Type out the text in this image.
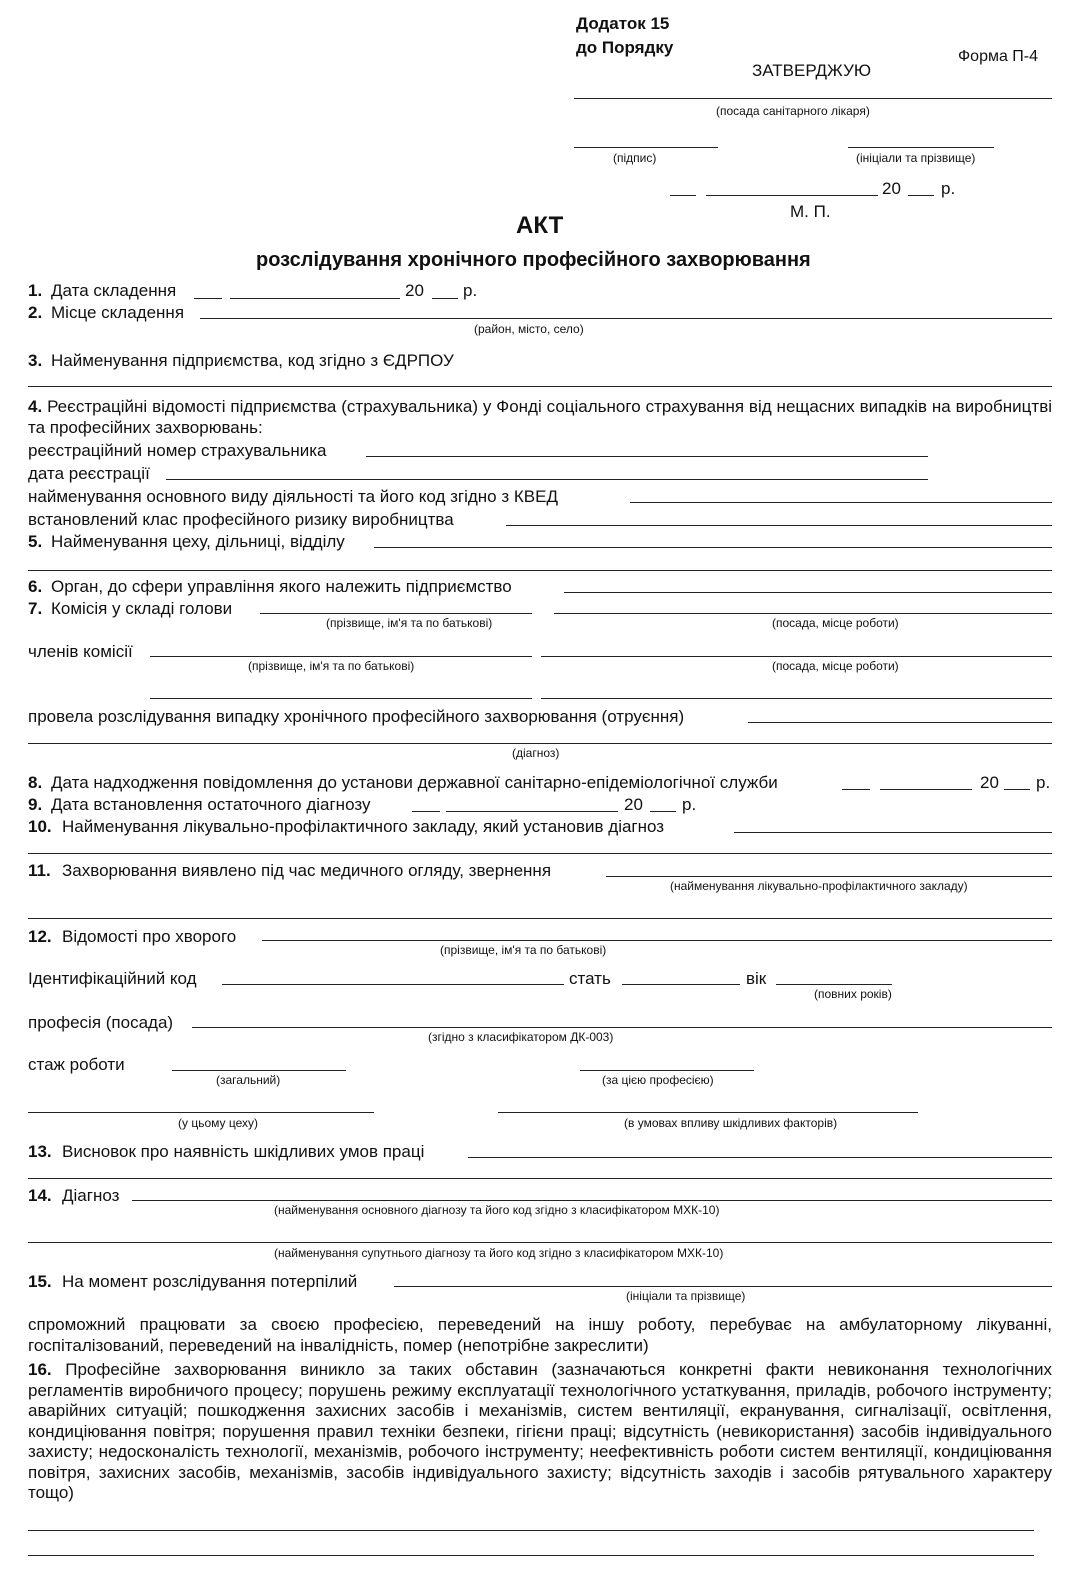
Додаток 15
до Порядку	Форма П-4
ЗАТВЕРДЖУЮ
(посада санітарного лікаря)
(підпис)	(ініціали та прізвище)
20 р.
М. П.
АКТ
розслідування хронічного професійного захворювання
1. Дата складення	20 р.
2. Місце складення
(район, місто, село)
3. Найменування підприємства, код згідно з ЄДРПОУ
4. Реєстраційні відомості підприємства (страхувальника) у Фонді соціального страхування від нещасних випадків на виробництві та професійних захворювань:
реєстраційний номер страхувальника
дата реєстрації
найменування основного виду діяльності та його код згідно з КВЕД
встановлений клас професійного ризику виробництва
5. Найменування цеху, дільниці, відділу
6. Орган, до сфери управління якого належить підприємство
7. Комісія у складі голови
(прізвище, ім'я та по батькові)	(посада, місце роботи)
членів комісії
(прізвище, ім'я та по батькові)	(посада, місце роботи)
провела розслідування випадку хронічного професійного захворювання (отруєння)
(діагноз)
8. Дата надходження повідомлення до установи державної санітарно-епідеміологічної служби	20 р.
9. Дата встановлення остаточного діагнозу	20 р.
10. Найменування лікувально-профілактичного закладу, який установив діагноз
11. Захворювання виявлено під час медичного огляду, звернення
(найменування лікувально-профілактичного закладу)
12. Відомості про хворого
(прізвище, ім'я та по батькові)
Ідентифікаційний код	стать	вік
(повних років)
професія (посада)
(згідно з класифікатором ДК-003)
стаж роботи
(загальний)	(за цією професією)
(у цьому цеху)	(в умовах впливу шкідливих факторів)
13. Висновок про наявність шкідливих умов праці
14. Діагноз
(найменування основного діагнозу та його код згідно з класифікатором МХК-10)
(найменування супутнього діагнозу та його код згідно з класифікатором МХК-10)
15. На момент розслідування потерпілий
(ініціали та прізвище)
спроможний працювати за своєю професією, переведений на іншу роботу, перебуває на амбулаторному лікуванні, госпіталізований, переведений на інвалідність, помер (непотрібне закреслити)
16. Професійне захворювання виникло за таких обставин (зазначаються конкретні факти невиконання технологічних регламентів виробничого процесу; порушень режиму експлуатації технологічного устаткування, приладів, робочого інструменту; аварійних ситуацій; пошкодження захисних засобів і механізмів, систем вентиляції, екранування, сигналізації, освітлення, кондиціювання повітря; порушення правил техніки безпеки, гігієни праці; відсутність (невикористання) засобів індивідуального захисту; недосконалість технології, механізмів, робочого інструменту; неефективність роботи систем вентиляції, кондиціювання повітря, захисних засобів, механізмів, засобів індивідуального захисту; відсутність заходів і засобів рятувального характеру тощо)
